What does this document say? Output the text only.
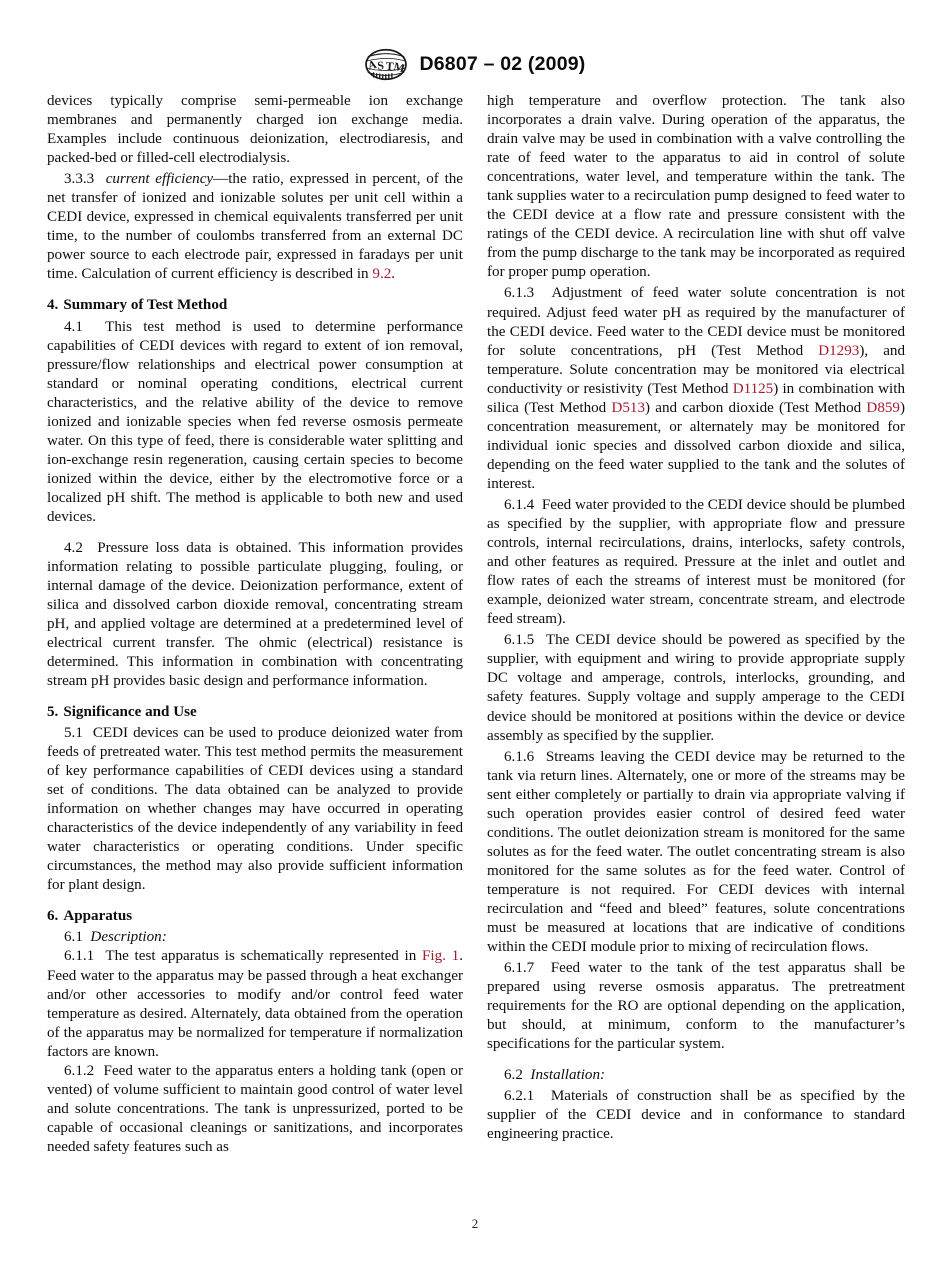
A
S T
M D6807 – 02 (2009)

devices typically comprise semi-permeable ion exchange membranes and permanently charged ion exchange media. Examples include continuous deionization, electrodiaresis, and packed-bed or filled-cell electrodialysis.

3.3.3 current efficiency—the ratio, expressed in percent, of the net transfer of ionized and ionizable solutes per unit cell within a CEDI device, expressed in chemical equivalents transferred per unit time, to the number of coulombs transferred from an external DC power source to each electrode pair, expressed in faradays per unit time. Calculation of current efficiency is described in 9.2.

4. Summary of Test Method

4.1 This test method is used to determine performance capabilities of CEDI devices with regard to extent of ion removal, pressure/flow relationships and electrical power consumption at standard or nominal operating conditions, electrical current characteristics, and the relative ability of the device to remove ionized and ionizable species when fed reverse osmosis permeate water. On this type of feed, there is considerable water splitting and ion-exchange resin regeneration, causing certain species to become ionized within the device, either by the electromotive force or a localized pH shift. The method is applicable to both new and used devices.

4.2 Pressure loss data is obtained. This information provides information relating to possible particulate plugging, fouling, or internal damage of the device. Deionization performance, extent of silica and dissolved carbon dioxide removal, concentrating stream pH, and applied voltage are determined at a predetermined level of electrical current transfer. The ohmic (electrical) resistance is determined. This information in combination with concentrating stream pH provides basic design and performance information.

5. Significance and Use

5.1 CEDI devices can be used to produce deionized water from feeds of pretreated water. This test method permits the measurement of key performance capabilities of CEDI devices using a standard set of conditions. The data obtained can be analyzed to provide information on whether changes may have occurred in operating characteristics of the device independently of any variability in feed water characteristics or operating conditions. Under specific circumstances, the method may also provide sufficient information for plant design.

6. Apparatus

6.1 Description:

6.1.1 The test apparatus is schematically represented in Fig. 1. Feed water to the apparatus may be passed through a heat exchanger and/or other accessories to modify and/or control feed water temperature as desired. Alternately, data obtained from the operation of the apparatus may be normalized for temperature if normalization factors are known.

6.1.2 Feed water to the apparatus enters a holding tank (open or vented) of volume sufficient to maintain good control of water level and solute concentrations. The tank is unpressurized, ported to be capable of occasional cleanings or sanitizations, and incorporates needed safety features such as

high temperature and overflow protection. The tank also incorporates a drain valve. During operation of the apparatus, the drain valve may be used in combination with a valve controlling the rate of feed water to the apparatus to aid in control of solute concentrations, water level, and temperature within the tank. The tank supplies water to a recirculation pump designed to feed water to the CEDI device at a flow rate and pressure consistent with the ratings of the CEDI device. A recirculation line with shut off valve from the pump discharge to the tank may be incorporated as required for proper pump operation.

6.1.3 Adjustment of feed water solute concentration is not required. Adjust feed water pH as required by the manufacturer of the CEDI device. Feed water to the CEDI device must be monitored for solute concentrations, pH (Test Method D1293), and temperature. Solute concentration may be monitored via electrical conductivity or resistivity (Test Method D1125) in combination with silica (Test Method D513) and carbon dioxide (Test Method D859) concentration measurement, or alternately may be monitored for individual ionic species and dissolved carbon dioxide and silica, depending on the feed water supplied to the tank and the solutes of interest.

6.1.4 Feed water provided to the CEDI device should be plumbed as specified by the supplier, with appropriate flow and pressure controls, internal recirculations, drains, interlocks, safety controls, and other features as required. Pressure at the inlet and outlet and flow rates of each the streams of interest must be monitored (for example, deionized water stream, concentrate stream, and electrode feed stream).

6.1.5 The CEDI device should be powered as specified by the supplier, with equipment and wiring to provide appropriate supply DC voltage and amperage, controls, interlocks, grounding, and safety features. Supply voltage and supply amperage to the CEDI device should be monitored at positions within the device or device assembly as specified by the supplier.

6.1.6 Streams leaving the CEDI device may be returned to the tank via return lines. Alternately, one or more of the streams may be sent either completely or partially to drain via appropriate valving if such operation provides easier control of desired feed water conditions. The outlet deionization stream is monitored for the same solutes as for the feed water. The outlet concentrating stream is also monitored for the same solutes as for the feed water. Control of temperature is not required. For CEDI devices with internal recirculation and “feed and bleed” features, solute concentrations must be measured at locations that are indicative of conditions within the CEDI module prior to mixing of recirculation flows.

6.1.7 Feed water to the tank of the test apparatus shall be prepared using reverse osmosis apparatus. The pretreatment requirements for the RO are optional depending on the application, but should, at minimum, conform to the manufacturer’s specifications for the particular system.

6.2 Installation:

6.2.1 Materials of construction shall be as specified by the supplier of the CEDI device and in conformance to standard engineering practice.

2
